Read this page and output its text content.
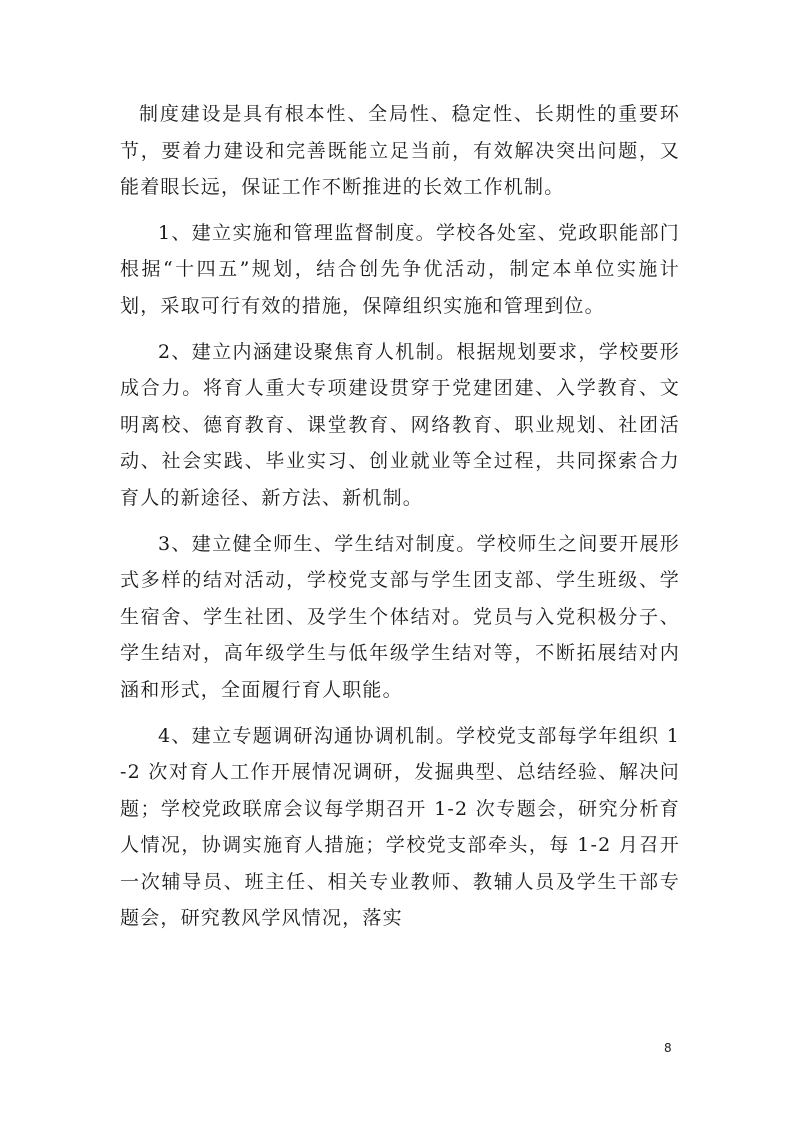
制度建设是具有根本性、全局性、稳定性、长期性的重要环节，要着力建设和完善既能立足当前，有效解决突出问题，又能着眼长远，保证工作不断推进的长效工作机制。

1、建立实施和管理监督制度。学校各处室、党政职能部门根据“十四五”规划，结合创先争优活动，制定本单位实施计划，采取可行有效的措施，保障组织实施和管理到位。

2、建立内涵建设聚焦育人机制。根据规划要求，学校要形成合力。将育人重大专项建设贯穿于党建团建、入学教育、文明离校、德育教育、课堂教育、网络教育、职业规划、社团活动、社会实践、毕业实习、创业就业等全过程，共同探索合力育人的新途径、新方法、新机制。

3、建立健全师生、学生结对制度。学校师生之间要开展形式多样的结对活动，学校党支部与学生团支部、学生班级、学生宿舍、学生社团、及学生个体结对。党员与入党积极分子、学生结对，高年级学生与低年级学生结对等，不断拓展结对内涵和形式，全面履行育人职能。

4、建立专题调研沟通协调机制。学校党支部每学年组织 1-2 次对育人工作开展情况调研，发掘典型、总结经验、解决问题；学校党政联席会议每学期召开 1-2 次专题会，研究分析育人情况，协调实施育人措施；学校党支部牵头，每 1-2 月召开一次辅导员、班主任、相关专业教师、教辅人员及学生干部专题会，研究教风学风情况，落实

8
